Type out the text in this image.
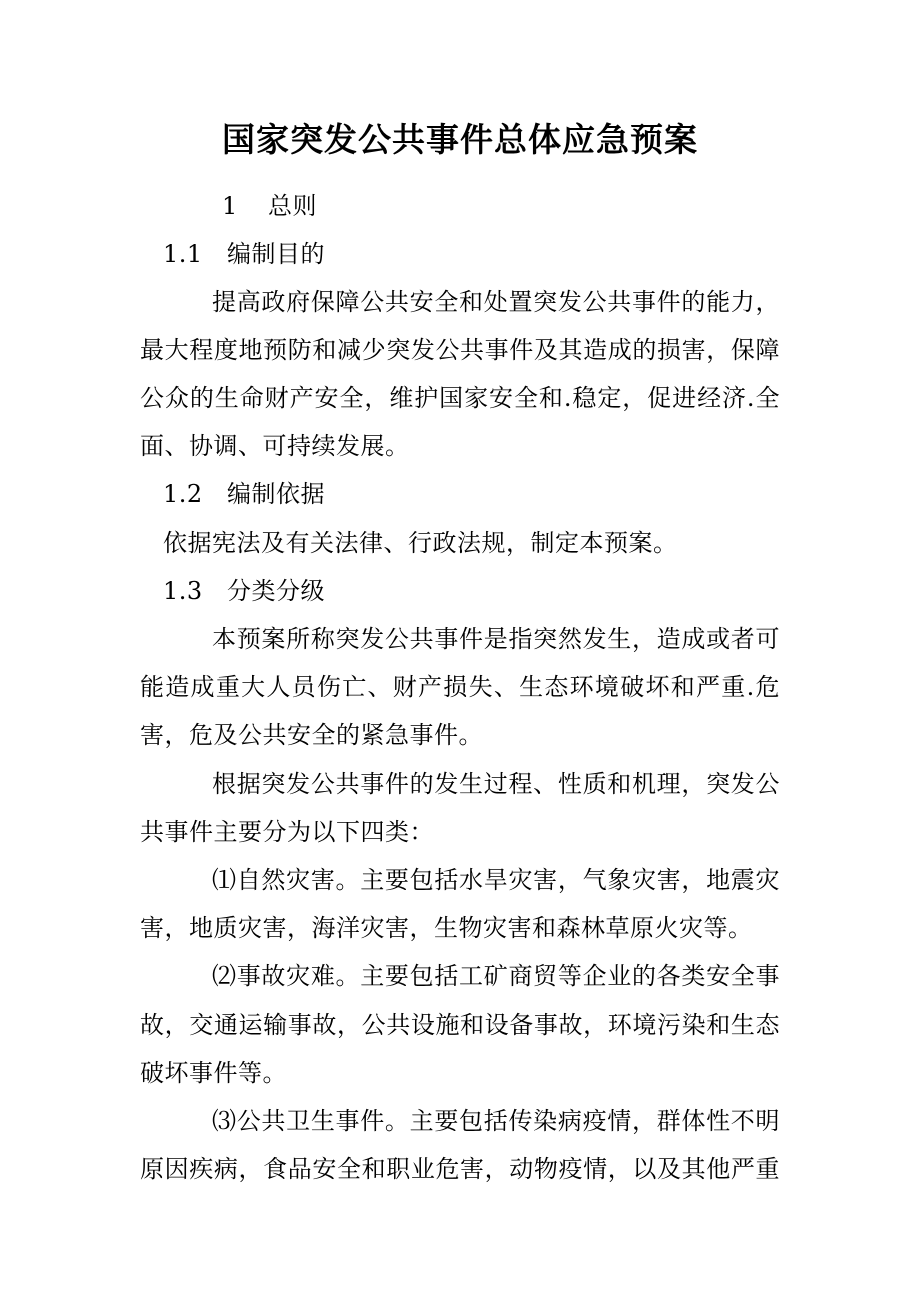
国家突发公共事件总体应急预案
1 总则
1.1 编制目的
提高政府保障公共安全和处置突发公共事件的能力，
最大程度地预防和减少突发公共事件及其造成的损害，保障
公众的生命财产安全，维护国家安全和.稳定，促进经济.全
面、协调、可持续发展。
1.2 编制依据
依据宪法及有关法律、行政法规，制定本预案。
1.3 分类分级
本预案所称突发公共事件是指突然发生，造成或者可
能造成重大人员伤亡、财产损失、生态环境破坏和严重.危
害，危及公共安全的紧急事件。
根据突发公共事件的发生过程、性质和机理，突发公
共事件主要分为以下四类：
⑴自然灾害。主要包括水旱灾害，气象灾害，地震灾
害，地质灾害，海洋灾害，生物灾害和森林草原火灾等。
⑵事故灾难。主要包括工矿商贸等企业的各类安全事
故，交通运输事故，公共设施和设备事故，环境污染和生态
破坏事件等。
⑶公共卫生事件。主要包括传染病疫情，群体性不明
原因疾病，食品安全和职业危害，动物疫情，以及其他严重
